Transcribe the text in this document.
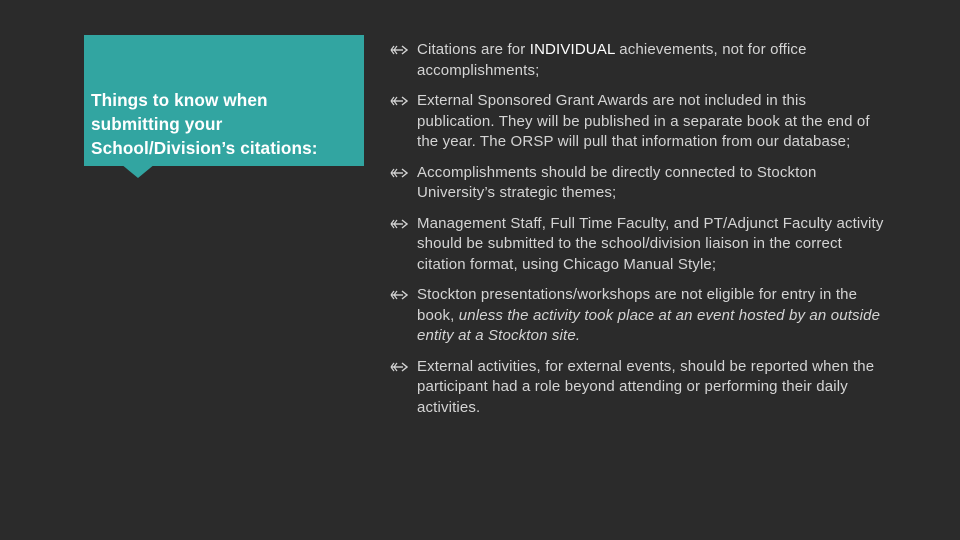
Things to know when
submitting your
School/Division’s citations:
Citations are for INDIVIDUAL achievements, not for office accomplishments;
External Sponsored Grant Awards are not included in this publication. They will be published in a separate book at the end of the year. The ORSP will pull that information from our database;
Accomplishments should be directly connected to Stockton University’s strategic themes;
Management Staff, Full Time Faculty, and PT/Adjunct Faculty activity should be submitted to the school/division liaison in the correct citation format, using Chicago Manual Style;
Stockton presentations/workshops are not eligible for entry in the book, unless the activity took place at an event hosted by an outside entity at a Stockton site.
External activities, for external events, should be reported when the participant had a role beyond attending or performing their daily activities.
